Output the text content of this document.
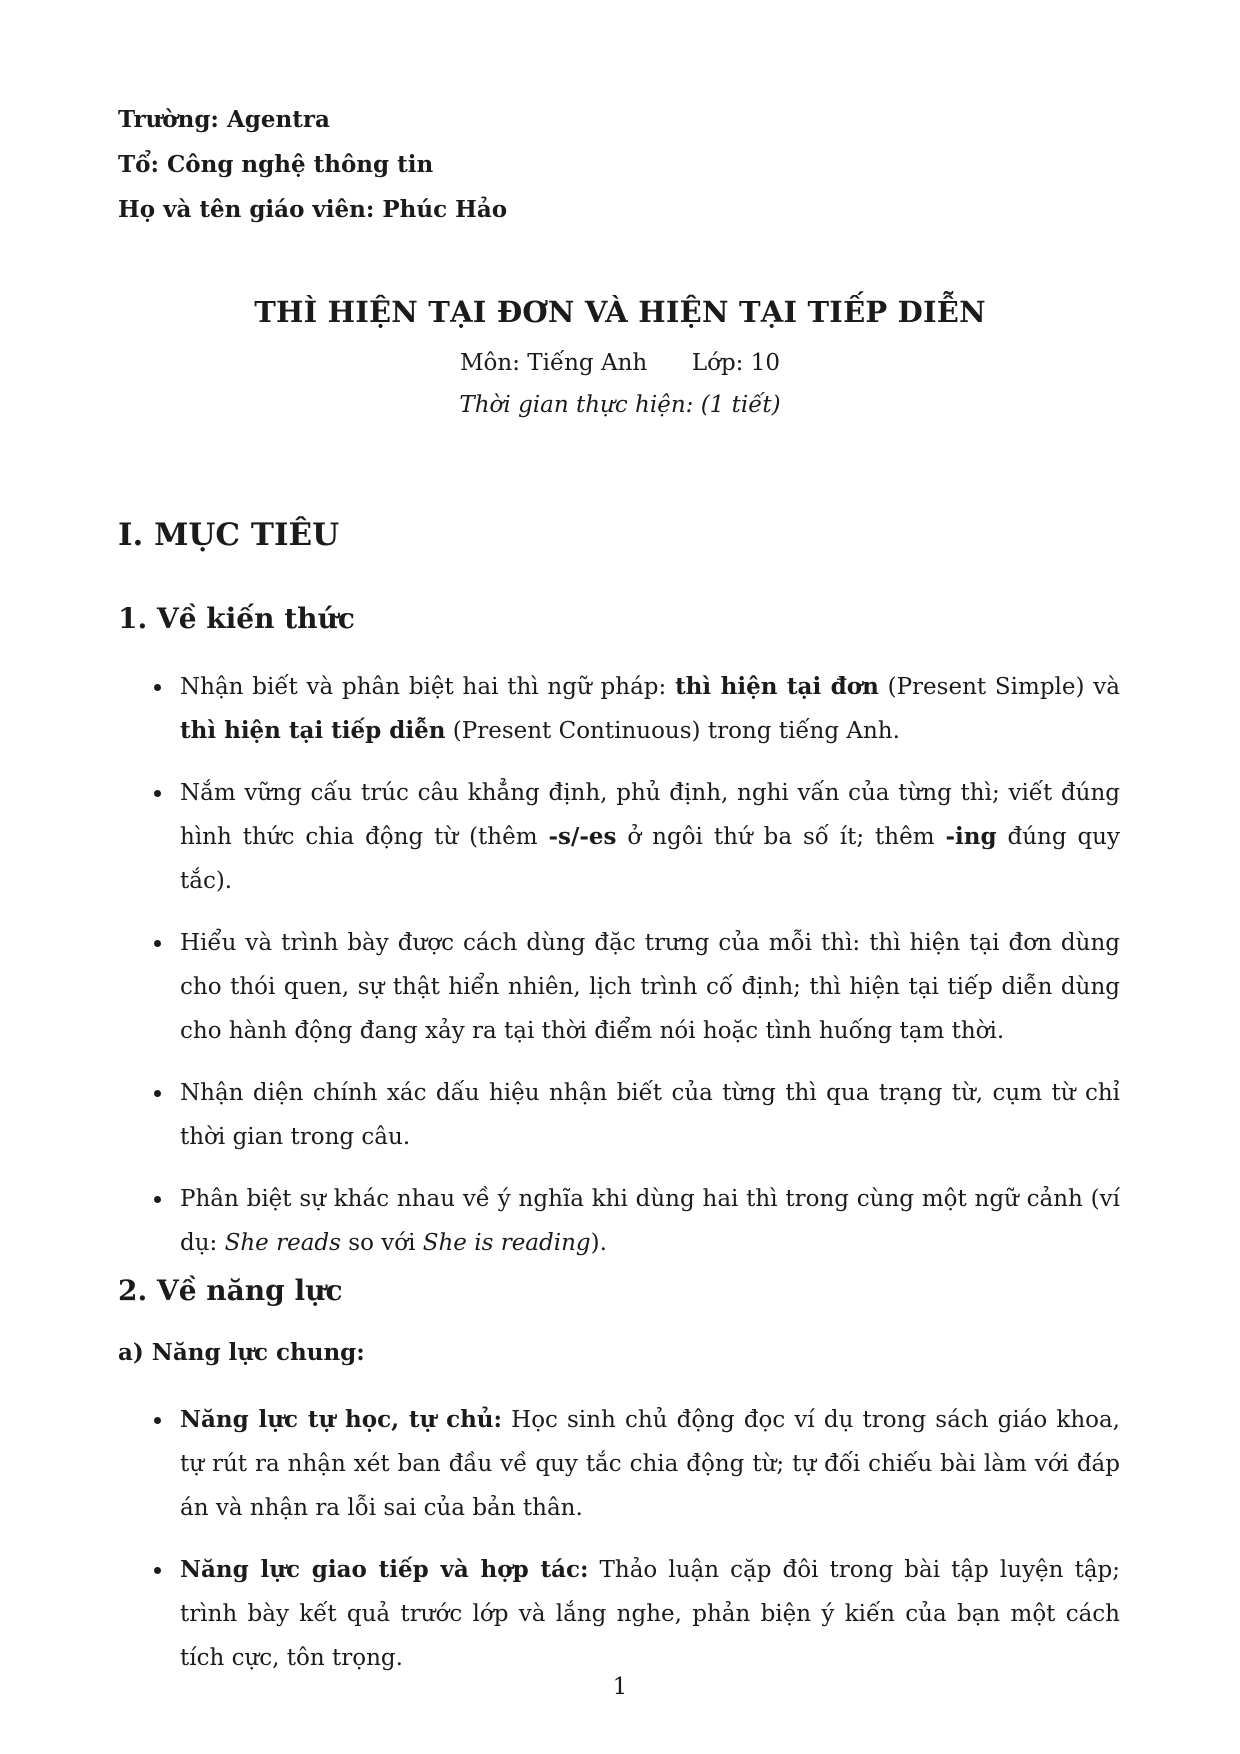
Trường: Agentra
Tổ: Công nghệ thông tin
Họ và tên giáo viên: Phúc Hảo
THÌ HIỆN TẠI ĐƠN VÀ HIỆN TẠI TIẾP DIỄN
Môn: Tiếng Anh Lớp: 10
Thời gian thực hiện: (1 tiết)
I. MỤC TIÊU
1. Về kiến thức
Nhận biết và phân biệt hai thì ngữ pháp: thì hiện tại đơn (Present Simple) và thì hiện tại tiếp diễn (Present Continuous) trong tiếng Anh.
Nắm vững cấu trúc câu khẳng định, phủ định, nghi vấn của từng thì; viết đúng hình thức chia động từ (thêm -s/-es ở ngôi thứ ba số ít; thêm -ing đúng quy tắc).
Hiểu và trình bày được cách dùng đặc trưng của mỗi thì: thì hiện tại đơn dùng cho thói quen, sự thật hiển nhiên, lịch trình cố định; thì hiện tại tiếp diễn dùng cho hành động đang xảy ra tại thời điểm nói hoặc tình huống tạm thời.
Nhận diện chính xác dấu hiệu nhận biết của từng thì qua trạng từ, cụm từ chỉ thời gian trong câu.
Phân biệt sự khác nhau về ý nghĩa khi dùng hai thì trong cùng một ngữ cảnh (ví dụ: She reads so với She is reading).
2. Về năng lực
a) Năng lực chung:
Năng lực tự học, tự chủ: Học sinh chủ động đọc ví dụ trong sách giáo khoa, tự rút ra nhận xét ban đầu về quy tắc chia động từ; tự đối chiếu bài làm với đáp án và nhận ra lỗi sai của bản thân.
Năng lực giao tiếp và hợp tác: Thảo luận cặp đôi trong bài tập luyện tập; trình bày kết quả trước lớp và lắng nghe, phản biện ý kiến của bạn một cách tích cực, tôn trọng.
1
